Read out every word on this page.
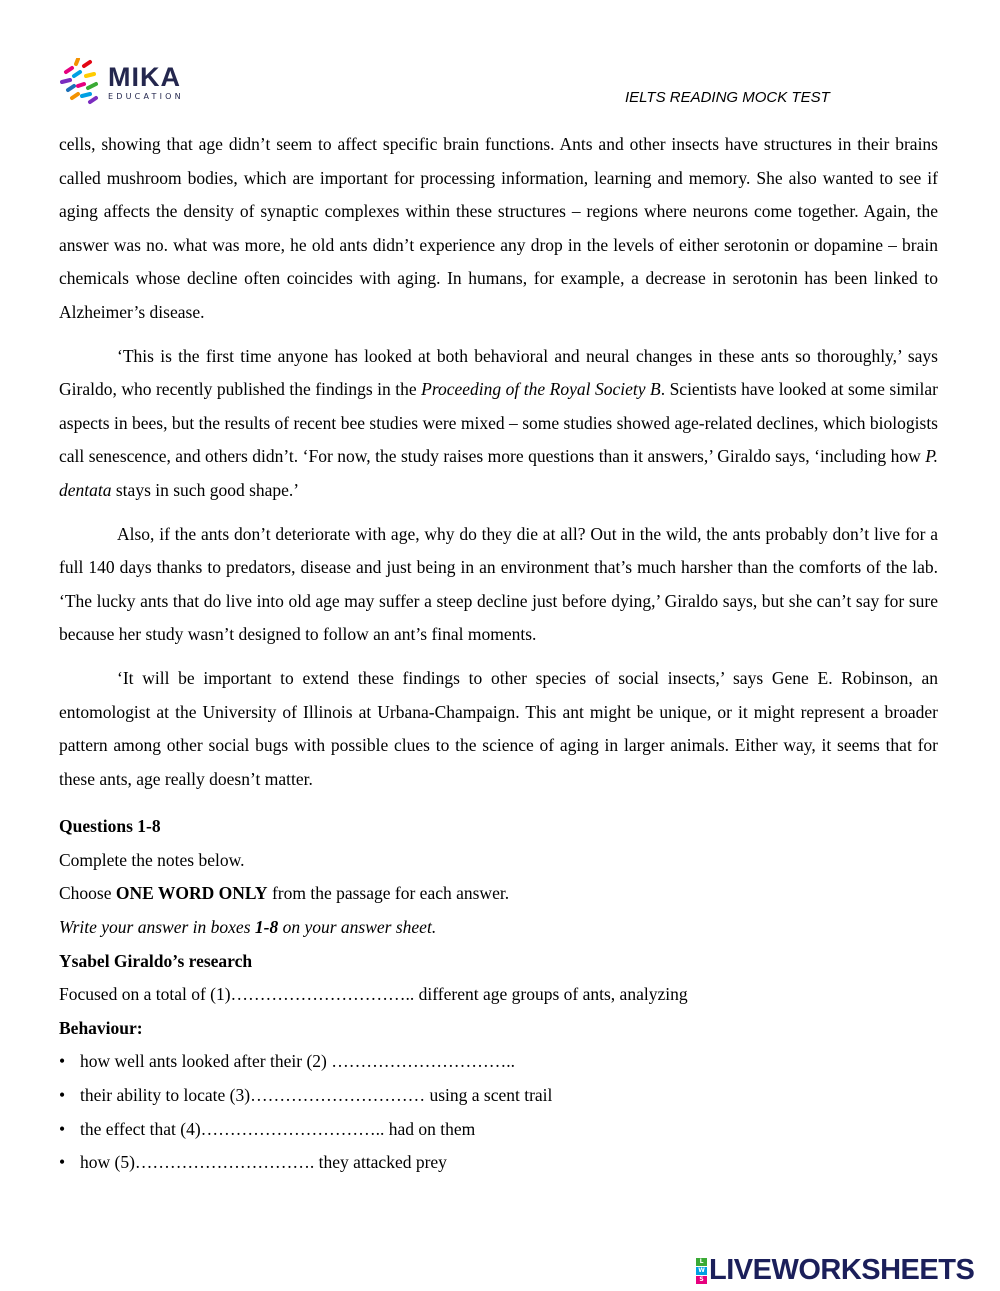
MIKA
EDUCATION	IELTS READING MOCK TEST

cells, showing that age didn’t seem to affect specific brain functions. Ants and other insects have structures in their brains called mushroom bodies, which are important for processing information, learning and memory. She also wanted to see if aging affects the density of synaptic complexes within these structures – regions where neurons come together. Again, the answer was no. what was more, he old ants didn’t experience any drop in the levels of either serotonin or dopamine – brain chemicals whose decline often coincides with aging. In humans, for example, a decrease in serotonin has been linked to Alzheimer’s disease.

‘This is the first time anyone has looked at both behavioral and neural changes in these ants so thoroughly,’ says Giraldo, who recently published the findings in the Proceeding of the Royal Society B. Scientists have looked at some similar aspects in bees, but the results of recent bee studies were mixed – some studies showed age-related declines, which biologists call senescence, and others didn’t. ‘For now, the study raises more questions than it answers,’ Giraldo says, ‘including how P. dentata stays in such good shape.’

Also, if the ants don’t deteriorate with age, why do they die at all? Out in the wild, the ants probably don’t live for a full 140 days thanks to predators, disease and just being in an environment that’s much harsher than the comforts of the lab. ‘The lucky ants that do live into old age may suffer a steep decline just before dying,’ Giraldo says, but she can’t say for sure because her study wasn’t designed to follow an ant’s final moments.

‘It will be important to extend these findings to other species of social insects,’ says Gene E. Robinson, an entomologist at the University of Illinois at Urbana-Champaign. This ant might be unique, or it might represent a broader pattern among other social bugs with possible clues to the science of aging in larger animals. Either way, it seems that for these ants, age really doesn’t matter.

Questions 1-8

Complete the notes below.

Choose ONE WORD ONLY from the passage for each answer.

Write your answer in boxes 1-8 on your answer sheet.

Ysabel Giraldo’s research

Focused on a total of (1)………………………….. different age groups of ants, analyzing

Behaviour:

• how well ants looked after their (2) …………………………..

• their ability to locate (3)………………………… using a scent trail

• the effect that (4)………………………….. had on them

• how (5)…………………………. they attacked prey

L
W
S LIVEWORKSHEETS
